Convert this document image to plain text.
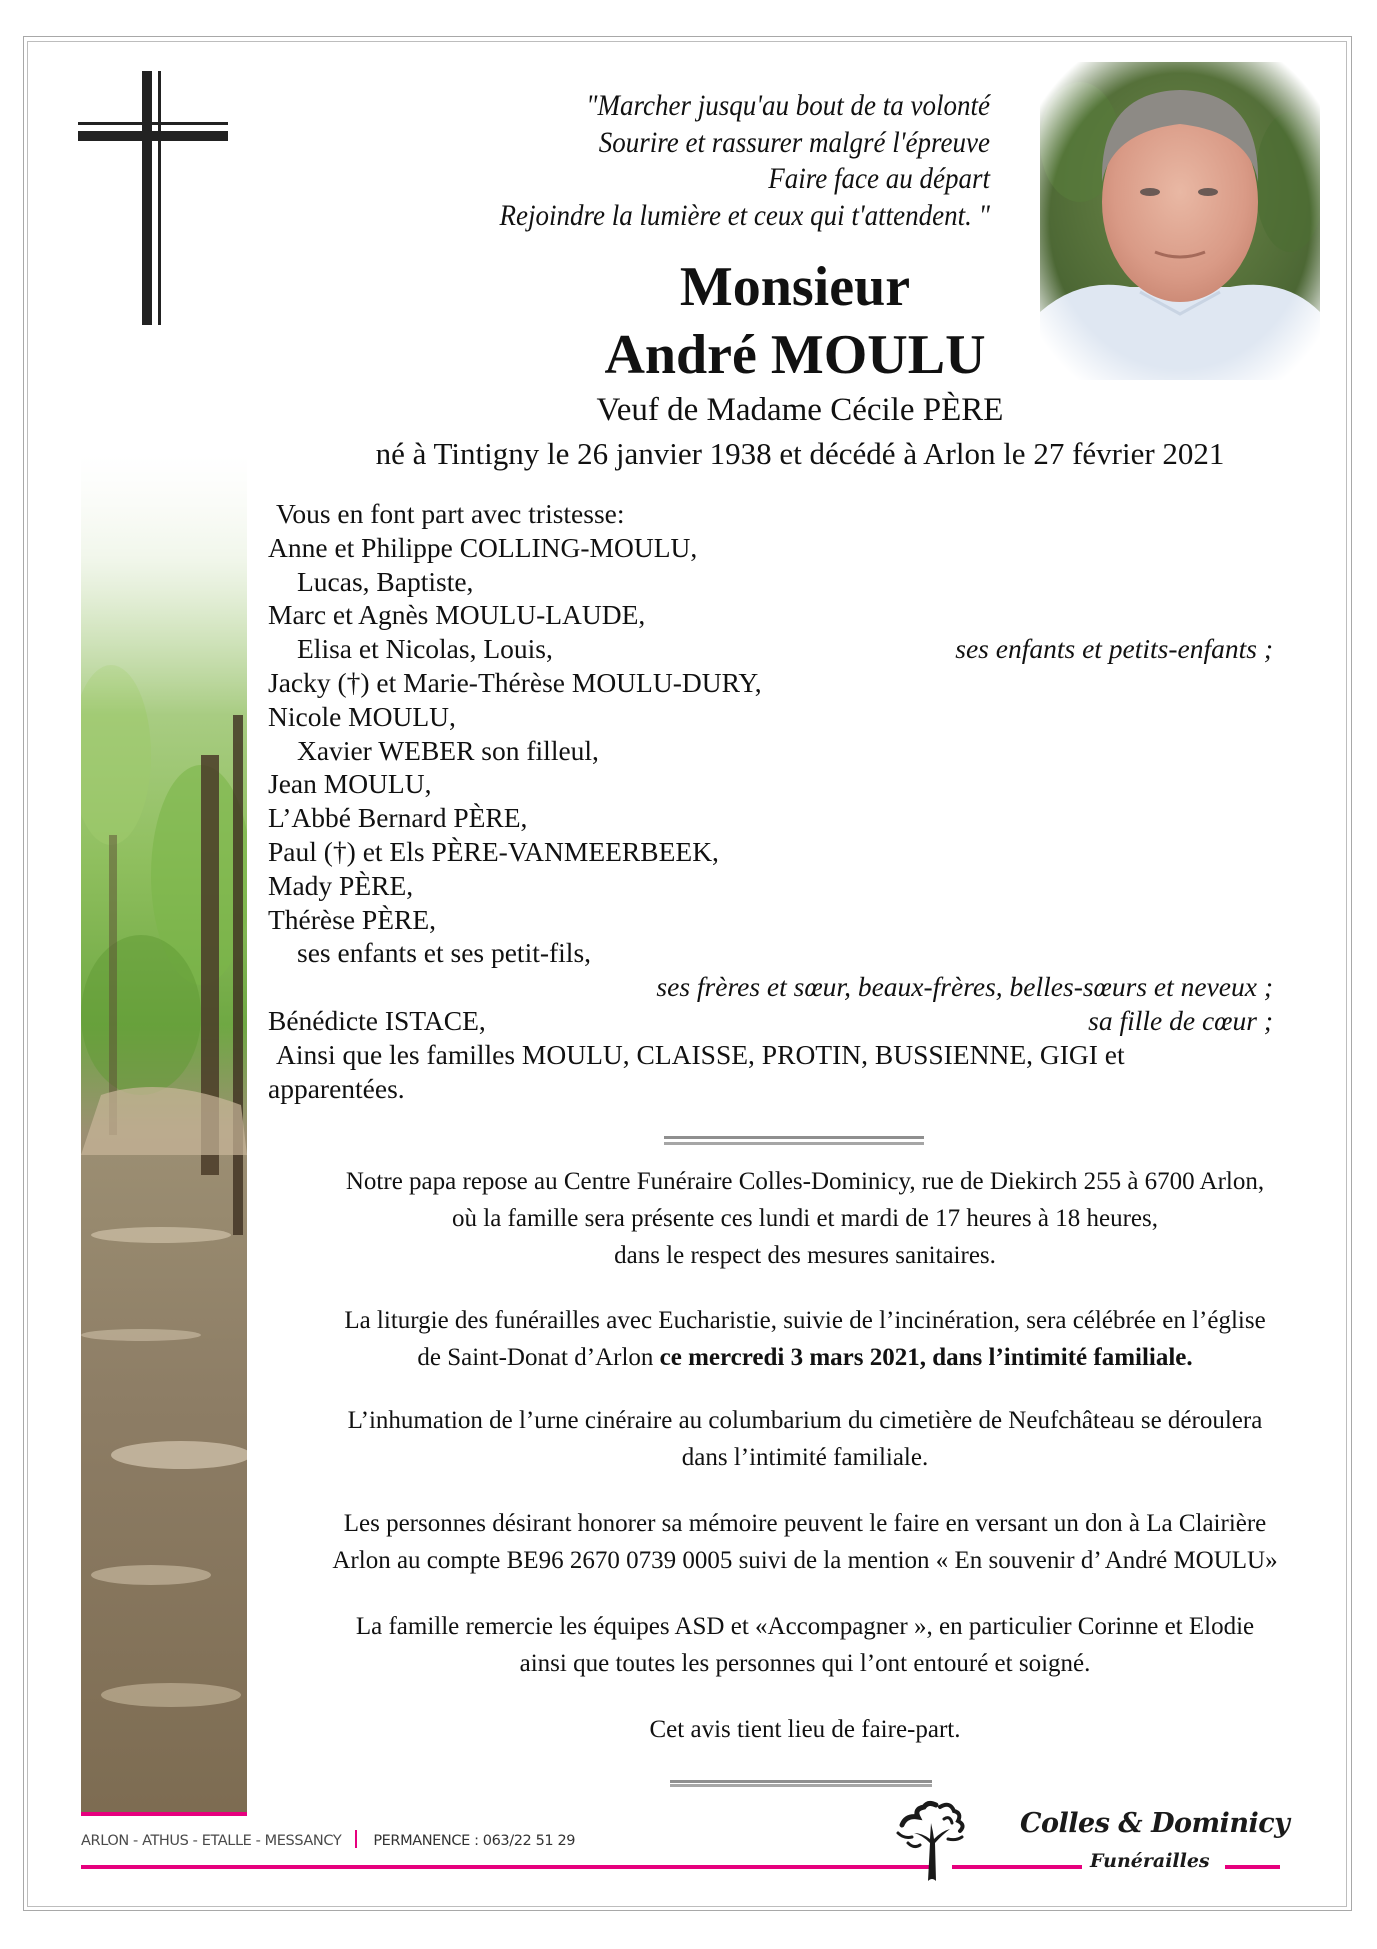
"Marcher jusqu'au bout de ta volonté
Sourire et rassurer malgré l'épreuve
Faire face au départ
Rejoindre la lumière et ceux qui t'attendent. "
Monsieur
André MOULU
Veuf de Madame Cécile PÈRE
né à Tintigny le 26 janvier 1938 et décédé à Arlon le 27 février 2021
Vous en font part avec tristesse:
Anne et Philippe COLLING-MOULU,
Lucas, Baptiste,
Marc et Agnès MOULU-LAUDE,
Elisa et Nicolas, Louis,	ses enfants et petits-enfants ;
Jacky (†) et Marie-Thérèse MOULU-DURY,
Nicole MOULU,
Xavier WEBER son filleul,
Jean MOULU,
L’Abbé Bernard PÈRE,
Paul (†) et Els PÈRE-VANMEERBEEK,
Mady PÈRE,
Thérèse PÈRE,
ses enfants et ses petit-fils,
ses frères et sœur, beaux-frères, belles-sœurs et neveux ;
Bénédicte ISTACE,	sa fille de cœur ;
Ainsi que les familles MOULU, CLAISSE, PROTIN, BUSSIENNE, GIGI et
apparentées.

Notre papa repose au Centre Funéraire Colles-Dominicy, rue de Diekirch 255 à 6700 Arlon,

où la famille sera présente ces lundi et mardi de 17 heures à 18 heures,

dans le respect des mesures sanitaires.

La liturgie des funérailles avec Eucharistie, suivie de l’incinération, sera célébrée en l’église

de Saint-Donat d’Arlon ce mercredi 3 mars 2021, dans l’intimité familiale.

L’inhumation de l’urne cinéraire au columbarium du cimetière de Neufchâteau se déroulera

dans l’intimité familiale.

Les personnes désirant honorer sa mémoire peuvent le faire en versant un don à La Clairière

Arlon au compte BE96 2670 0739 0005 suivi de la mention « En souvenir d’ André MOULU»

La famille remercie les équipes ASD et «Accompagner », en particulier Corinne et Elodie

ainsi que toutes les personnes qui l’ont entouré et soigné.

Cet avis tient lieu de faire-part.

ARLON - ATHUS - ETALLE - MESSANCY PERMANENCE : 063/22 51 29
Colles & Dominicy
Funérailles
